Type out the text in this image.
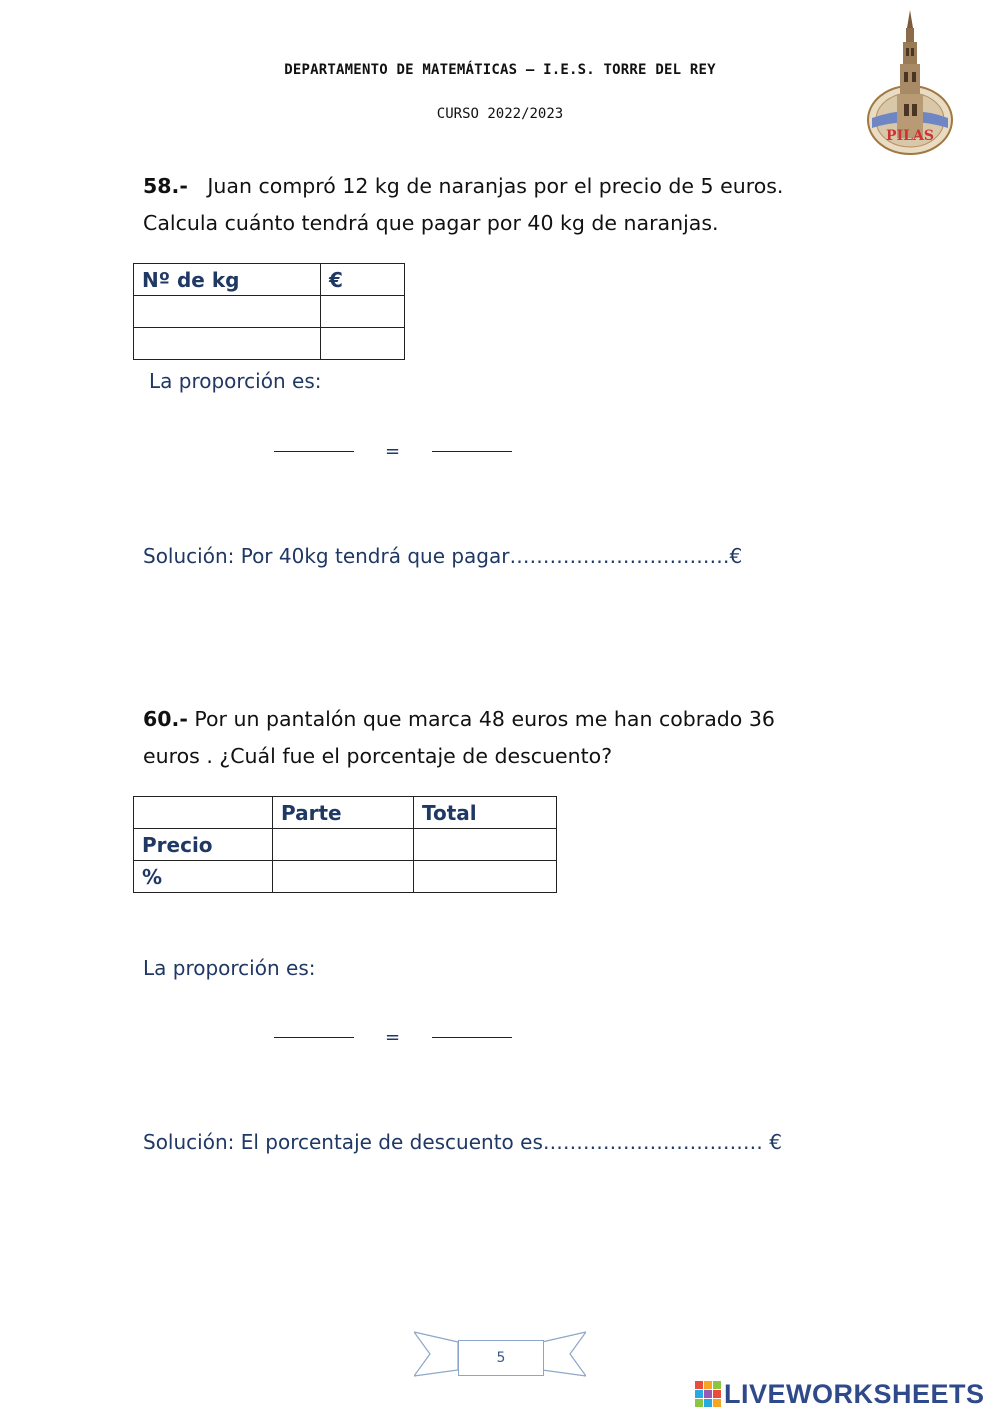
DEPARTAMENTO DE MATEMÁTICAS – I.E.S. TORRE DEL REY
CURSO 2022/2023
PILAS
58.- Juan compró 12 kg de naranjas por el precio de 5 euros.
Calcula cuánto tendrá que pagar por 40 kg de naranjas.
Nº de kg	€

La proporción es:
=
Solución: Por 40kg tendrá que pagar……………………………€
60.- Por un pantalón que marca 48 euros me han cobrado 36
euros . ¿Cuál fue el porcentaje de descuento?
	Parte	Total
Precio		
%		
La proporción es:
=
Solución: El porcentaje de descuento es…………………………… €
5
LIVEWORKSHEETS
